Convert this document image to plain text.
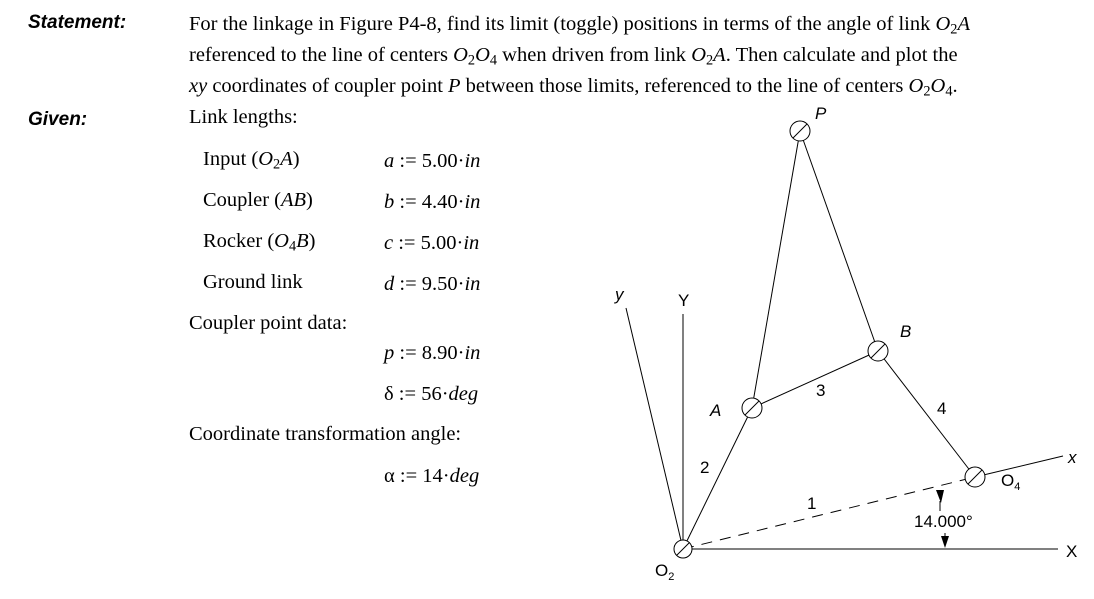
Statement:	For the linkage in Figure P4-8, find its limit (toggle) positions in terms of the angle of link $O_2A$
referenced to the line of centers $O_2O_4$ when driven from link $O_2A$. Then calculate and plot the
xy coordinates of coupler point P between those limits, referenced to the line of centers $O_2O_4$.
Given:	Link lengths:
Input $(O_2A)$	a := 5.00·in
Coupler (AB)	b := 4.40·in
Rocker $(O_4B)$	c := 5.00·in
Ground link	d := 9.50·in
Coupler point data:
p := 8.90·in
δ := 56·deg
Coordinate transformation angle:
α := 14·deg
P
A
B
$O_2$
$O_4$
2
3
4
1
y	Y
x
X
14.000°
